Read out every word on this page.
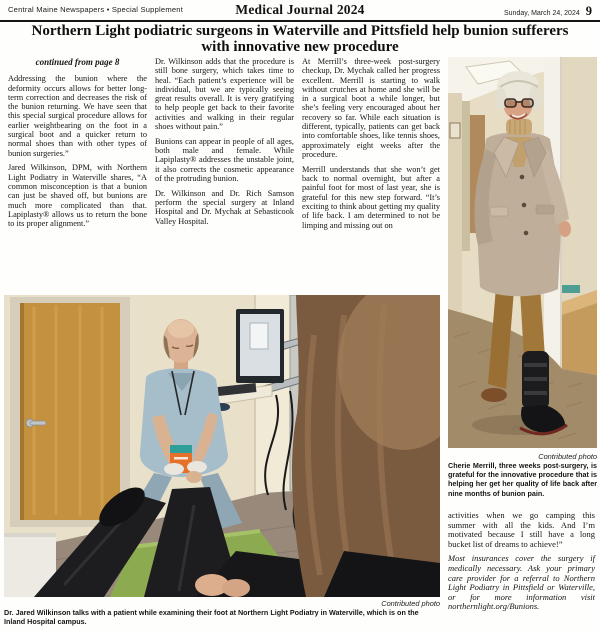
Central Maine Newspapers • Special Supplement	Medical Journal 2024	Sunday, March 24, 2024 9
Northern Light podiatric surgeons in Waterville and Pittsfield help bunion sufferers
with innovative new procedure

continued from page 8

Addressing the bunion where the deformity occurs allows for better long-term correction and decreases the risk of the bunion returning. We have seen that this special surgical procedure allows for earlier weightbearing on the foot in a surgical boot and a quicker return to normal shoes than with other types of bunion surgeries.”

Jared Wilkinson, DPM, with Northern Light Podiatry in Waterville shares, “A common misconception is that a bunion can just be shaved off, but bunions are much more complicated than that. Lapiplasty® allows us to return the bone to its proper alignment.”

Dr. Wilkinson adds that the procedure is still bone surgery, which takes time to heal. “Each patient’s experience will be individual, but we are typically seeing great results overall. It is very gratifying to help people get back to their favorite activities and walking in their regular shoes without pain.”

Bunions can appear in people of all ages, both male and female. While Lapiplasty® addresses the unstable joint, it also corrects the cosmetic appearance of the protruding bunion.

Dr. Wilkinson and Dr. Rich Samson perform the special surgery at Inland Hospital and Dr. Mychak at Sebasticook Valley Hospital.

At Merrill’s three-week post-surgery checkup, Dr. Mychak called her progress excellent. Merrill is starting to walk without crutches at home and she will be in a surgical boot a while longer, but she’s feeling very encouraged about her recovery so far. While each situation is different, typically, patients can get back into comfortable shoes, like tennis shoes, approximately eight weeks after the procedure.

Merrill understands that she won’t get back to normal overnight, but after a painful foot for most of last year, she is grateful for this new step forward. “It’s exciting to think about getting my quality of life back. I am determined to not be limping and missing out on

Contributed photo
Cherie Merrill, three weeks post-surgery, is grateful for the innovative procedure that is helping her get her quality of life back after nine months of bunion pain.

activities when we go camping this summer with all the kids. And I’m motivated because I still have a long bucket list of dreams to achieve!”

Most insurances cover the surgery if medically necessary. Ask your primary care provider for a referral to Northern Light Podiatry in Pittsfield or Waterville, or for more information visit northernlight.org/Bunions.

Contributed photo
Dr. Jared Wilkinson talks with a patient while examining their foot at Northern Light Podiatry in Waterville, which is on the Inland Hospital campus.
